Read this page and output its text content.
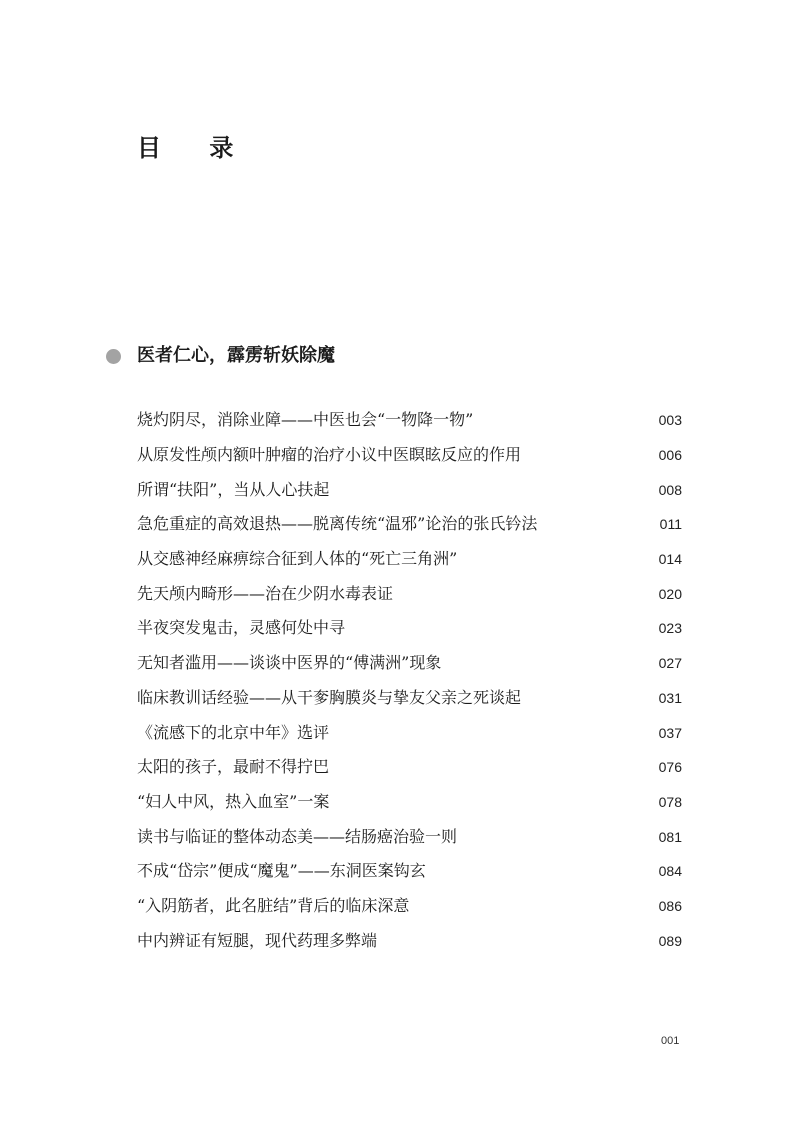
目 录
医者仁心，霹雳斩妖除魔
烧灼阴尽，消除业障——中医也会“一物降一物”	003
从原发性颅内额叶肿瘤的治疗小议中医瞑眩反应的作用	006
所谓“扶阳”，当从人心扶起	008
急危重症的高效退热——脱离传统“温邪”论治的张氏钤法	011
从交感神经麻痹综合征到人体的“死亡三角洲”	014
先天颅内畸形——治在少阴水毒表证	020
半夜突发鬼击，灵感何处中寻	023
无知者滥用——谈谈中医界的“傅满洲”现象	027
临床教训话经验——从干奓胸膜炎与挚友父亲之死谈起	031
《流感下的北京中年》选评	037
太阳的孩子，最耐不得拧巴	076
“妇人中风，热入血室”一案	078
读书与临证的整体动态美——结肠癌治验一则	081
不成“岱宗”便成“魔鬼”——东洞医案钩玄	084
“入阴筋者，此名脏结”背后的临床深意	086
中内辨证有短腿，现代药理多弊端	089
001
